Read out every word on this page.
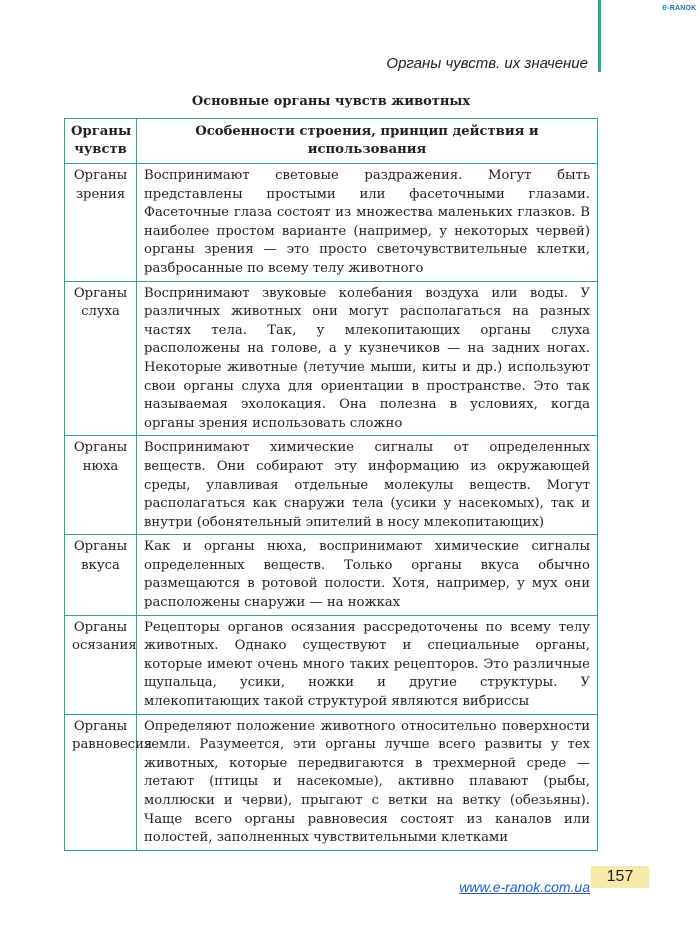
e-RANOK
Органы чувств. их значение
Основные органы чувств животных
Органы чувств	Особенности строения, принцип действия и использования
Органы зрения	Воспринимают световые раздражения. Могут быть представлены простыми или фасеточными глазами. Фасеточные глаза состоят из множества маленьких глазков. В наиболее простом варианте (например, у некоторых червей) органы зрения — это просто светочувствительные клетки, разбросанные по всему телу животного
Органы слуха	Воспринимают звуковые колебания воздуха или воды. У различных животных они могут располагаться на разных частях тела. Так, у млекопитающих органы слуха расположены на голове, а у кузнечиков — на задних ногах. Некоторые животные (летучие мыши, киты и др.) используют свои органы слуха для ориентации в пространстве. Это так называемая эхолокация. Она полезна в условиях, когда органы зрения использовать сложно
Органы нюха	Воспринимают химические сигналы от определенных веществ. Они собирают эту информацию из окружающей среды, улавливая отдельные молекулы веществ. Могут располагаться как снаружи тела (усики у насекомых), так и внутри (обонятельный эпителий в носу млекопитающих)
Органы вкуса	Как и органы нюха, воспринимают химические сигналы определенных веществ. Только органы вкуса обычно размещаются в ротовой полости. Хотя, например, у мух они расположены снаружи — на ножках
Органы осязания	Рецепторы органов осязания рассредоточены по всему телу животных. Однако существуют и специальные органы, которые имеют очень много таких рецепторов. Это различные щупальца, усики, ножки и другие структуры. У млекопитающих такой структурой являются вибриссы
Органы равновесия	Определяют положение животного относительно поверхности земли. Разумеется, эти органы лучше всего развиты у тех животных, которые передвигаются в трехмерной среде — летают (птицы и насекомые), активно плавают (рыбы, моллюски и черви), прыгают с ветки на ветку (обезьяны). Чаще всего органы равновесия состоят из каналов или полостей, заполненных чувствительными клетками
157
www.e-ranok.com.ua
